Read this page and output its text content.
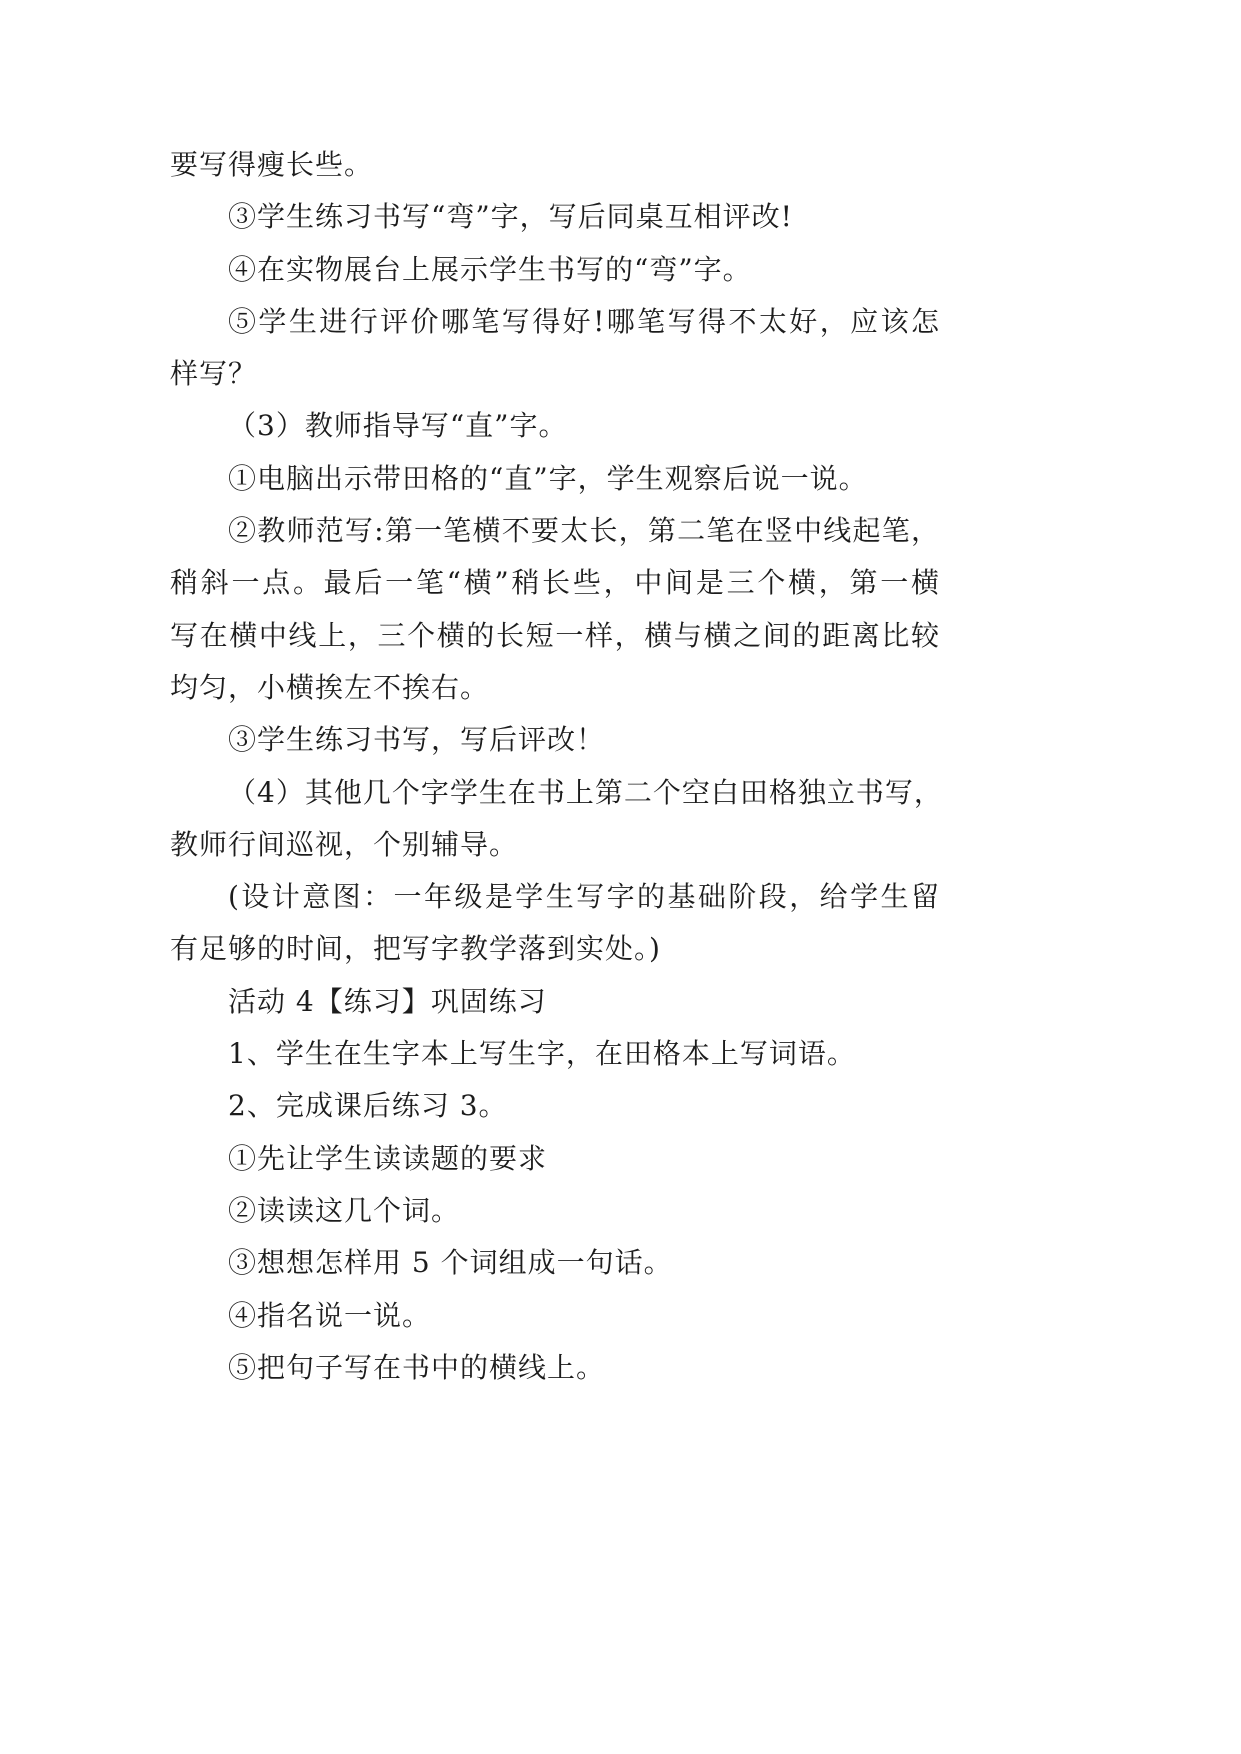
要写得瘦长些。
③学生练习书写“弯”字，写后同桌互相评改!
④在实物展台上展示学生书写的“弯”字。
⑤学生进行评价哪笔写得好!哪笔写得不太好，应该怎
样写？
（3）教师指导写“直”字。
①电脑出示带田格的“直”字，学生观察后说一说。
②教师范写:第一笔横不要太长，第二笔在竖中线起笔，
稍斜一点。最后一笔“横”稍长些，中间是三个横，第一横
写在横中线上，三个横的长短一样，横与横之间的距离比较
均匀，小横挨左不挨右。
③学生练习书写，写后评改！
（4）其他几个字学生在书上第二个空白田格独立书写，
教师行间巡视，个别辅导。
(设计意图：一年级是学生写字的基础阶段，给学生留
有足够的时间，把写字教学落到实处。)
活动 4【练习】巩固练习
1、学生在生字本上写生字，在田格本上写词语。
2、完成课后练习 3。
①先让学生读读题的要求
②读读这几个词。
③想想怎样用 5 个词组成一句话。
④指名说一说。
⑤把句子写在书中的横线上。
